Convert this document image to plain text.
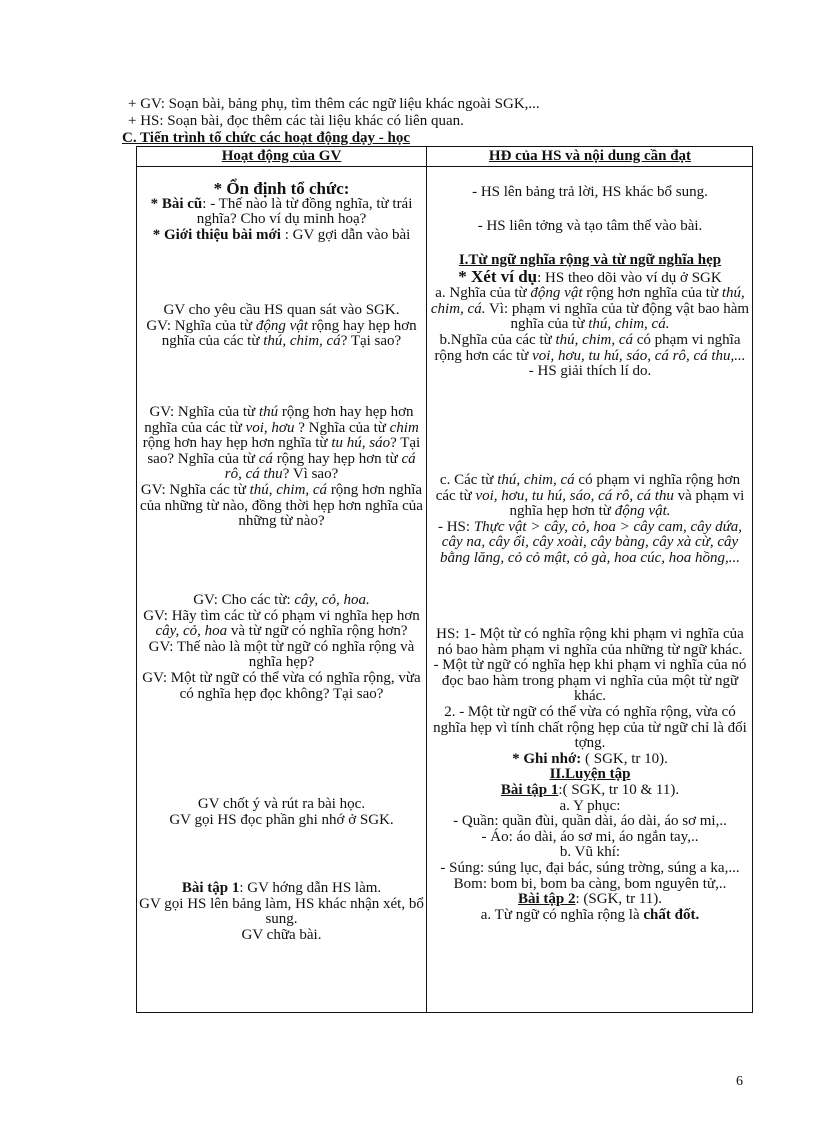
+ GV: Soạn bài, bảng phụ, tìm thêm các ngữ liệu khác ngoài SGK,...
+ HS: Soạn bài, đọc thêm các tài liệu khác có liên quan.
C. Tiến trình tổ chức các hoạt động dạy - học
Hoạt động của GV	HĐ của HS và nội dung cần đạt

* Ổn định tổ chức:

* Bài cũ: - Thế nào là từ đồng nghĩa, từ trái nghĩa? Cho ví dụ minh hoạ?

* Giới thiệu bài mới : GV gợi dẫn vào bài

GV cho yêu cầu HS quan sát vào SGK.

GV: Nghĩa của từ động vật rộng hay hẹp hơn nghĩa của các từ thú, chim, cá? Tại sao?

GV: Nghĩa của từ thú rộng hơn hay hẹp hơn nghĩa của các từ voi, hơu ? Nghĩa của từ chim rộng hơn hay hẹp hơn nghĩa từ tu hú, sáo? Tại sao? Nghĩa của từ cá rộng hay hẹp hơn từ cá rô, cá thu? Vì sao?

GV: Nghĩa các từ thú, chim, cá rộng hơn nghĩa của những từ nào, đồng thời hẹp hơn nghĩa của những từ nào?

GV: Cho các từ: cây, cỏ, hoa.

GV: Hãy tìm các từ có phạm vi nghĩa hẹp hơn cây, cỏ, hoa và từ ngữ có nghĩa rộng hơn?

GV: Thế nào là một từ ngữ có nghĩa rộng và nghĩa hẹp?

GV: Một từ ngữ có thể vừa có nghĩa rộng, vừa có nghĩa hẹp đọc không? Tại sao?

GV chốt ý và rút ra bài học.

GV gọi HS đọc phần ghi nhớ ở SGK.

Bài tập 1: GV hớng dẫn HS làm.

GV gọi HS lên bảng làm, HS khác nhận xét, bổ sung.

GV chữa bài.

- HS lên bảng trả lời, HS khác bổ sung.

- HS liên tởng và tạo tâm thế vào bài.

I.Từ ngữ nghĩa rộng và từ ngữ nghĩa hẹp

* Xét ví dụ: HS theo dõi vào ví dụ ở SGK

a. Nghĩa của từ động vật rộng hơn nghĩa của từ thú, chim, cá. Vì: phạm vi nghĩa của từ động vật bao hàm nghĩa của từ thú, chim, cá.

b.Nghĩa của các từ thú, chim, cá có phạm vi nghĩa rộng hơn các từ voi, hơu, tu hú, sáo, cá rô, cá thu,...

- HS giải thích lí do.

c. Các từ thú, chim, cá có phạm vi nghĩa rộng hơn các từ voi, hơu, tu hú, sáo, cá rô, cá thu và phạm vi nghĩa hẹp hơn từ động vật.

- HS: Thực vật > cây, cỏ, hoa > cây cam, cây dứa, cây na, cây ổi, cây xoài, cây bàng, cây xà cừ, cây bằng lăng, cỏ cỏ mật, cỏ gà, hoa cúc, hoa hồng,...

HS: 1- Một từ có nghĩa rộng khi phạm vi nghĩa của nó bao hàm phạm vi nghĩa của những từ ngữ khác.

- Một từ ngữ có nghĩa hẹp khi phạm vi nghĩa của nó đọc bao hàm trong phạm vi nghĩa của một từ ngữ khác.

2. - Một từ ngữ có thể vừa có nghĩa rộng, vừa có nghĩa hẹp vì tính chất rộng hẹp của từ ngữ chỉ là đối tợng.

* Ghi nhớ: ( SGK, tr 10).

II.Luyện tập

Bài tập 1:( SGK, tr 10 & 11).

a. Y phục:

- Quần: quần đùi, quần dài, áo dài, áo sơ mi,..

- Áo: áo dài, áo sơ mi, áo ngắn tay,..

b. Vũ khí:

- Súng: súng lục, đại bác, súng trờng, súng a ka,...

Bom: bom bi, bom ba càng, bom nguyên tử,..

Bài tập 2: (SGK, tr 11).

a. Từ ngữ có nghĩa rộng là chất đốt.

6
